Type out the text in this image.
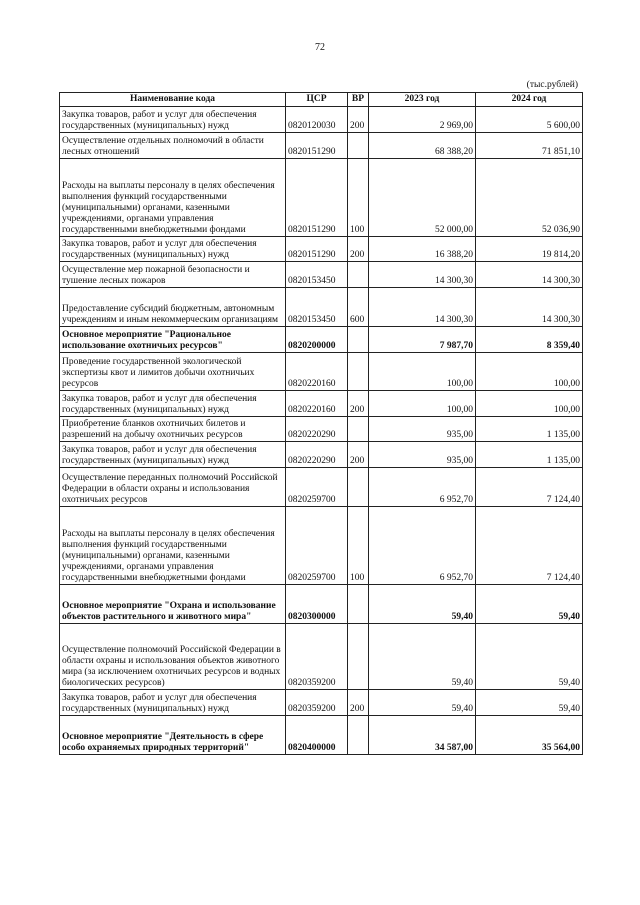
72
(тыс.рублей)
Наименование кода	ЦСР	ВР	2023 год	2024 год
Закупка товаров, работ и услуг для обеспечения государственных (муниципальных) нужд	0820120030	200	2 969,00	5 600,00
Осуществление отдельных полномочий в области лесных отношений	0820151290		68 388,20	71 851,10
Расходы на выплаты персоналу в целях обеспечения выполнения функций государственными (муниципальными) органами, казенными учреждениями, органами управления государственными внебюджетными фондами	0820151290	100	52 000,00	52 036,90
Закупка товаров, работ и услуг для обеспечения государственных (муниципальных) нужд	0820151290	200	16 388,20	19 814,20
Осуществление мер пожарной безопасности и тушение лесных пожаров	0820153450		14 300,30	14 300,30
Предоставление субсидий бюджетным, автономным учреждениям и иным некоммерческим организациям	0820153450	600	14 300,30	14 300,30
Основное мероприятие "Рациональное использование охотничьих ресурсов"	0820200000		7 987,70	8 359,40
Проведение государственной экологической экспертизы квот и лимитов добычи охотничьих ресурсов	0820220160		100,00	100,00
Закупка товаров, работ и услуг для обеспечения государственных (муниципальных) нужд	0820220160	200	100,00	100,00
Приобретение бланков охотничьих билетов и разрешений на добычу охотничьих ресурсов	0820220290		935,00	1 135,00
Закупка товаров, работ и услуг для обеспечения государственных (муниципальных) нужд	0820220290	200	935,00	1 135,00
Осуществление переданных полномочий Российской Федерации в области охраны и использования охотничьих ресурсов	0820259700		6 952,70	7 124,40
Расходы на выплаты персоналу в целях обеспечения выполнения функций государственными (муниципальными) органами, казенными учреждениями, органами управления государственными внебюджетными фондами	0820259700	100	6 952,70	7 124,40
Основное мероприятие "Охрана и использование объектов растительного и животного мира"	0820300000		59,40	59,40
Осуществление полномочий Российской Федерации в области охраны и использования объектов животного мира (за исключением охотничьих ресурсов и водных биологических ресурсов)	0820359200		59,40	59,40
Закупка товаров, работ и услуг для обеспечения государственных (муниципальных) нужд	0820359200	200	59,40	59,40
Основное мероприятие "Деятельность в сфере особо охраняемых природных территорий"	0820400000		34 587,00	35 564,00
